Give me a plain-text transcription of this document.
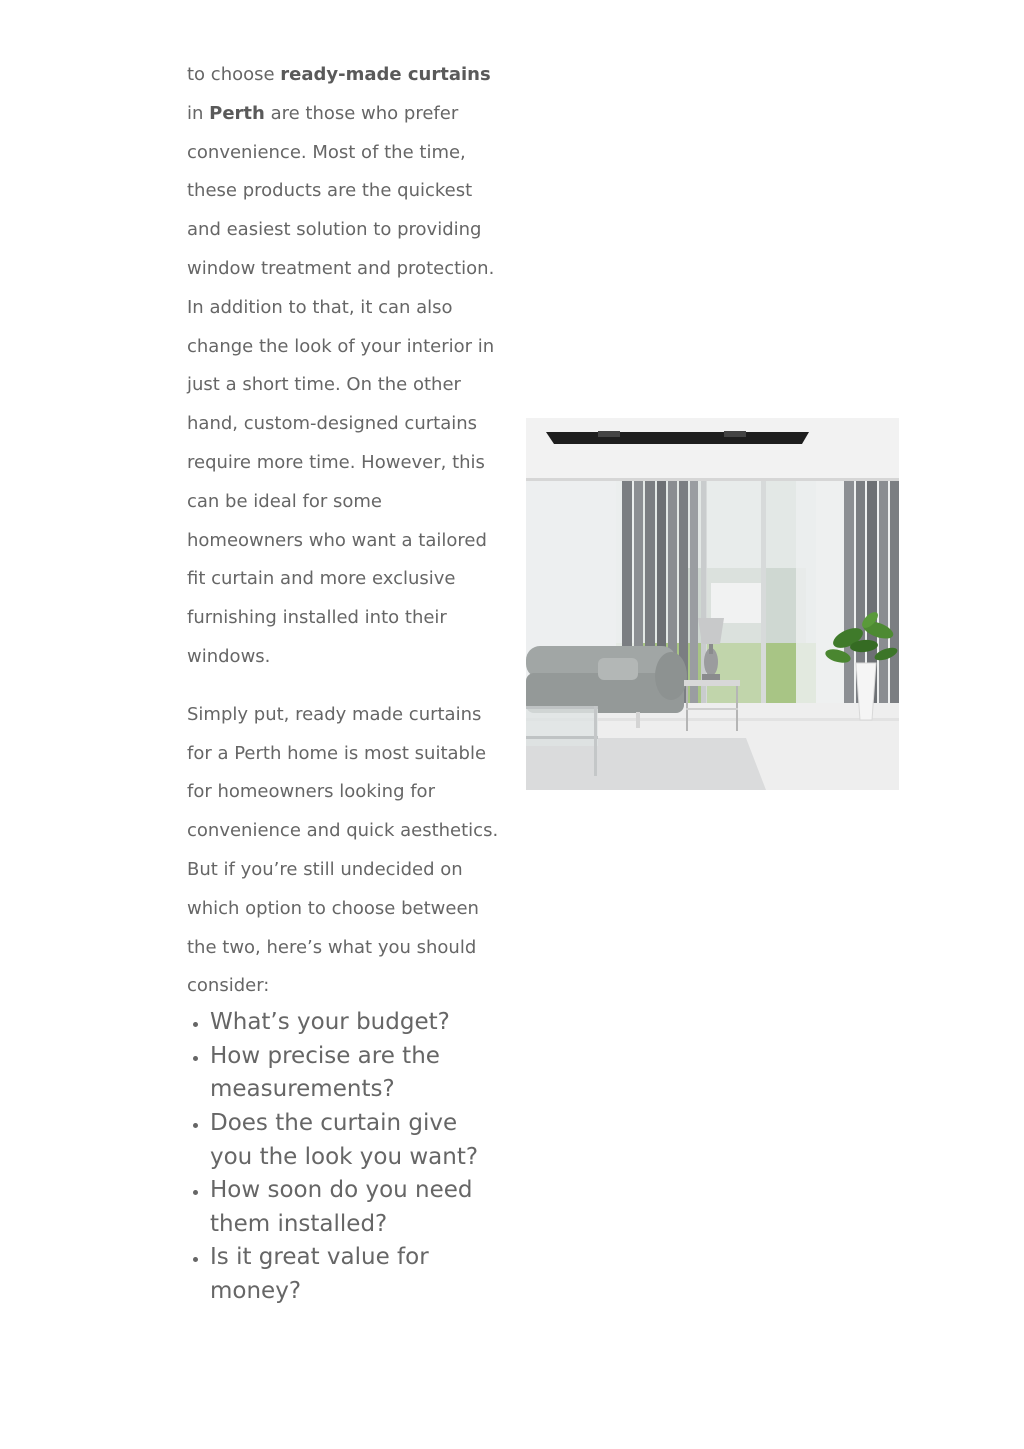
to choose ready-made curtains in Perth are those who prefer convenience. Most of the time, these products are the quickest and easiest solution to providing window treatment and protection. In addition to that, it can also change the look of your interior in just a short time. On the other hand, custom-designed curtains require more time. However, this can be ideal for some homeowners who want a tailored fit curtain and more exclusive furnishing installed into their windows.

Simply put, ready made curtains for a Perth home is most suitable for homeowners looking for convenience and quick aesthetics. But if you’re still undecided on which option to choose between the two, here’s what you should consider:

• What’s your budget?
• How precise are the measurements?
• Does the curtain give you the look you want?
• How soon do you need them installed?
• Is it great value for money?
